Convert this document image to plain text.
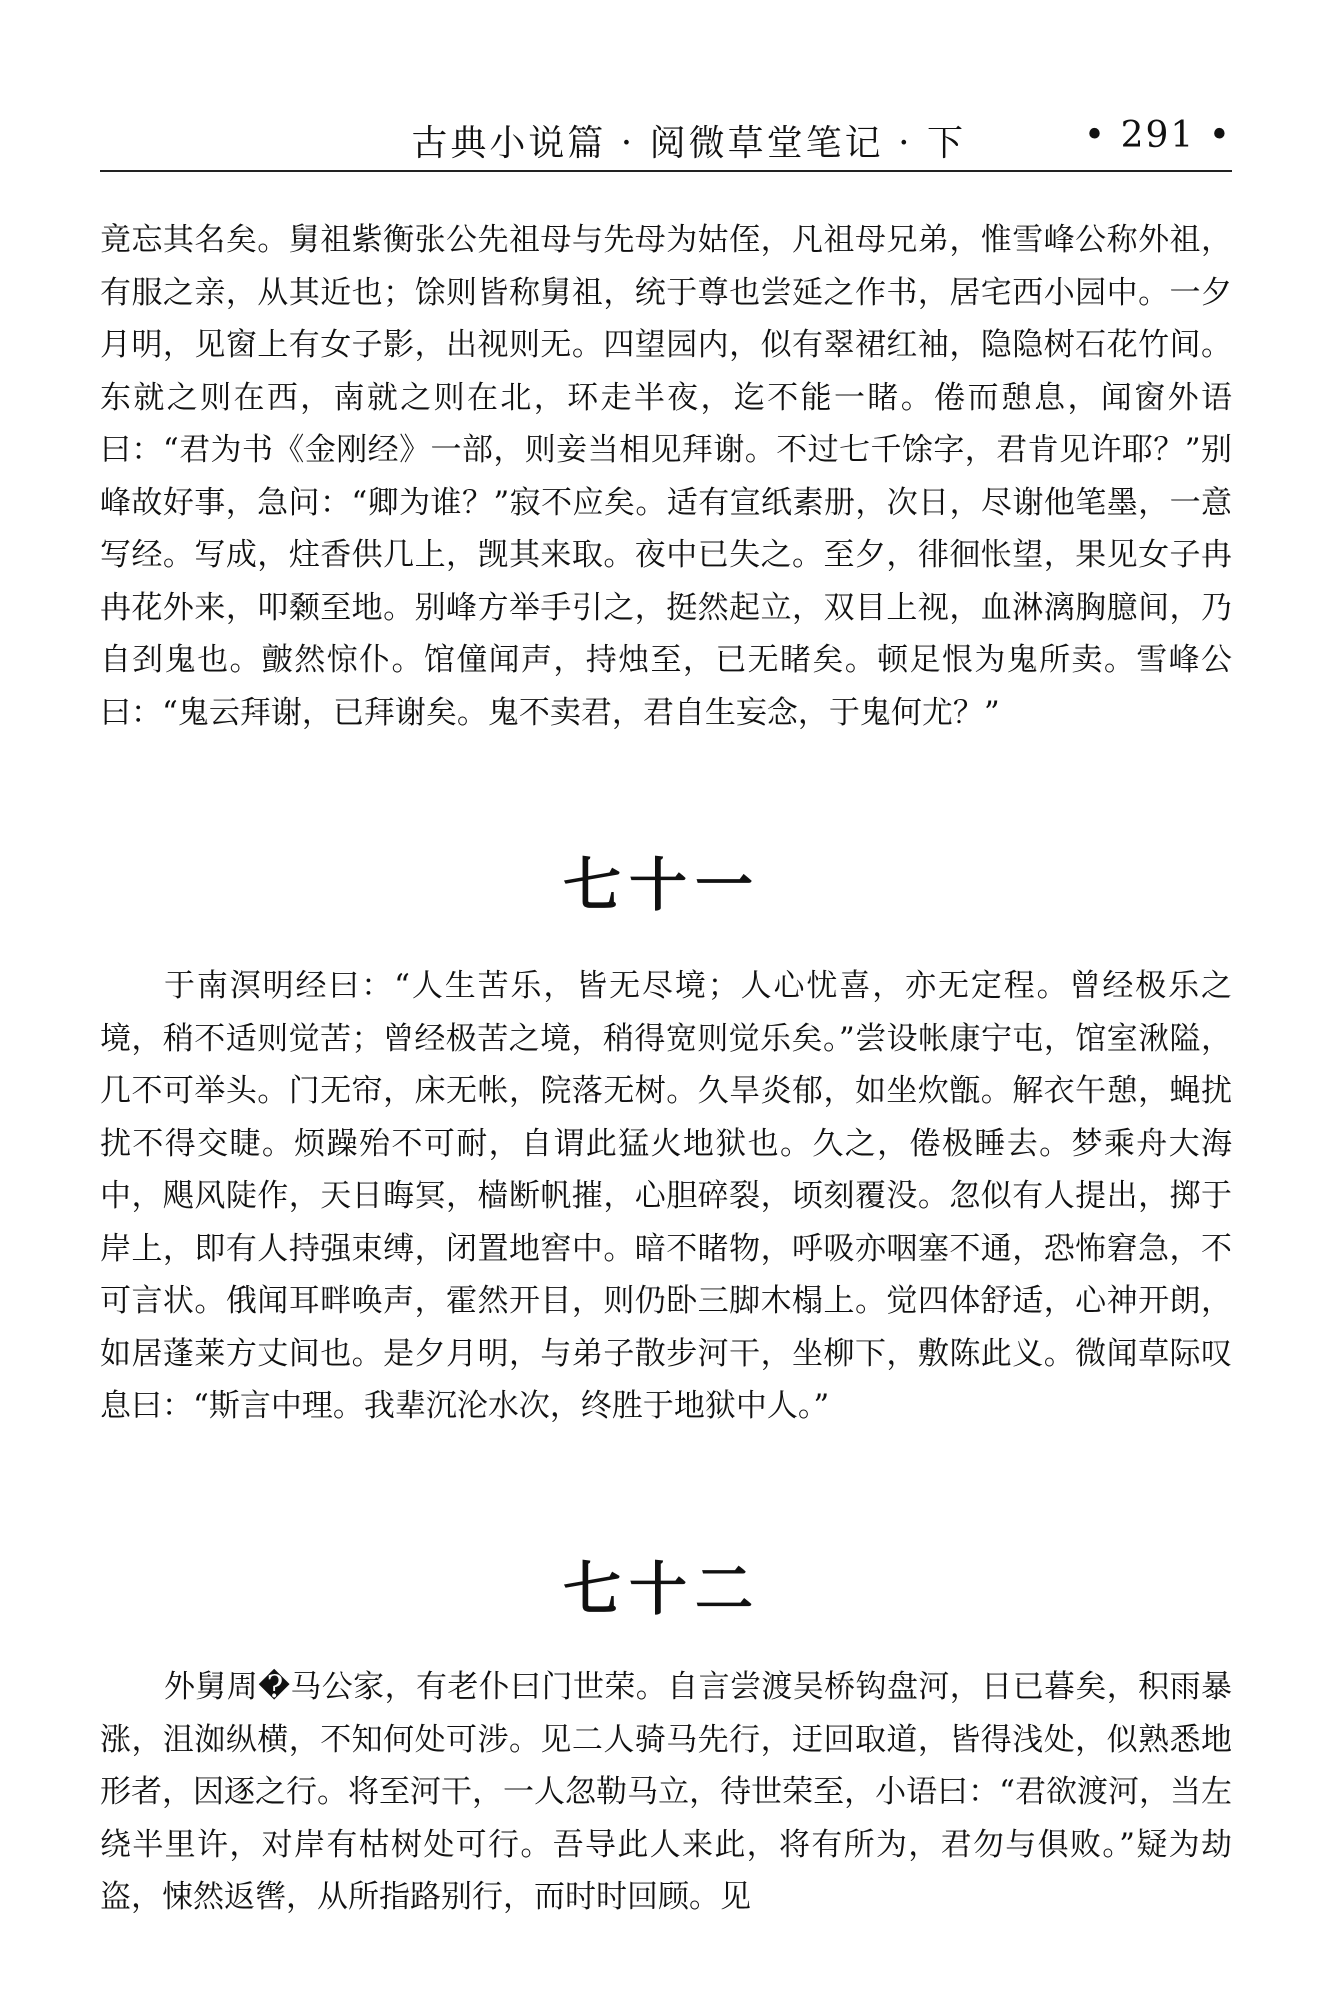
古典小说篇 · 阅微草堂笔记 · 下	• 291 •

竟忘其名矣。舅祖紫衡张公先祖母与先母为姑侄，凡祖母兄弟，惟雪峰公称外祖，有服之亲，从其近也；馀则皆称舅祖，统于尊也尝延之作书，居宅西小园中。一夕月明，见窗上有女子影，出视则无。四望园内，似有翠裙红袖，隐隐树石花竹间。东就之则在西，南就之则在北，环走半夜，迄不能一睹。倦而憩息，闻窗外语曰：“君为书《金刚经》一部，则妾当相见拜谢。不过七千馀字，君肯见许耶？”别峰故好事，急问：“卿为谁？”寂不应矣。适有宣纸素册，次日，尽谢他笔墨，一意写经。写成，炷香供几上，觊其来取。夜中已失之。至夕，徘徊怅望，果见女子冉冉花外来，叩颡至地。别峰方举手引之，挺然起立，双目上视，血淋漓胸臆间，乃自刭鬼也。皽然惊仆。馆僮闻声，持烛至，已无睹矣。顿足恨为鬼所卖。雪峰公曰：“鬼云拜谢，已拜谢矣。鬼不卖君，君自生妄念，于鬼何尤？”

七十一

于南溟明经曰：“人生苦乐，皆无尽境；人心忧喜，亦无定程。曾经极乐之境，稍不适则觉苦；曾经极苦之境，稍得宽则觉乐矣。”尝设帐康宁屯，馆室湫隘，几不可举头。门无帘，床无帐，院落无树。久旱炎郁，如坐炊甑。解衣午憩，蝇扰扰不得交睫。烦躁殆不可耐，自谓此猛火地狱也。久之，倦极睡去。梦乘舟大海中，飓风陡作，天日晦冥，樯断帆摧，心胆碎裂，顷刻覆没。忽似有人提出，掷于岸上，即有人持强束缚，闭置地窖中。暗不睹物，呼吸亦咽塞不通，恐怖窘急，不可言状。俄闻耳畔唤声，霍然开目，则仍卧三脚木榻上。觉四体舒适，心神开朗，如居蓬莱方丈间也。是夕月明，与弟子散步河干，坐柳下，敷陈此义。微闻草际叹息曰：“斯言中理。我辈沉沦水次，终胜于地狱中人。”

七十二

外舅周�马公家，有老仆曰门世荣。自言尝渡吴桥钩盘河，日已暮矣，积雨暴涨，沮洳纵横，不知何处可涉。见二人骑马先行，迂回取道，皆得浅处，似熟悉地形者，因逐之行。将至河干，一人忽勒马立，待世荣至，小语曰：“君欲渡河，当左绕半里许，对岸有枯树处可行。吾导此人来此，将有所为，君勿与俱败。”疑为劫盗，悚然返辔，从所指路别行，而时时回顾。见
